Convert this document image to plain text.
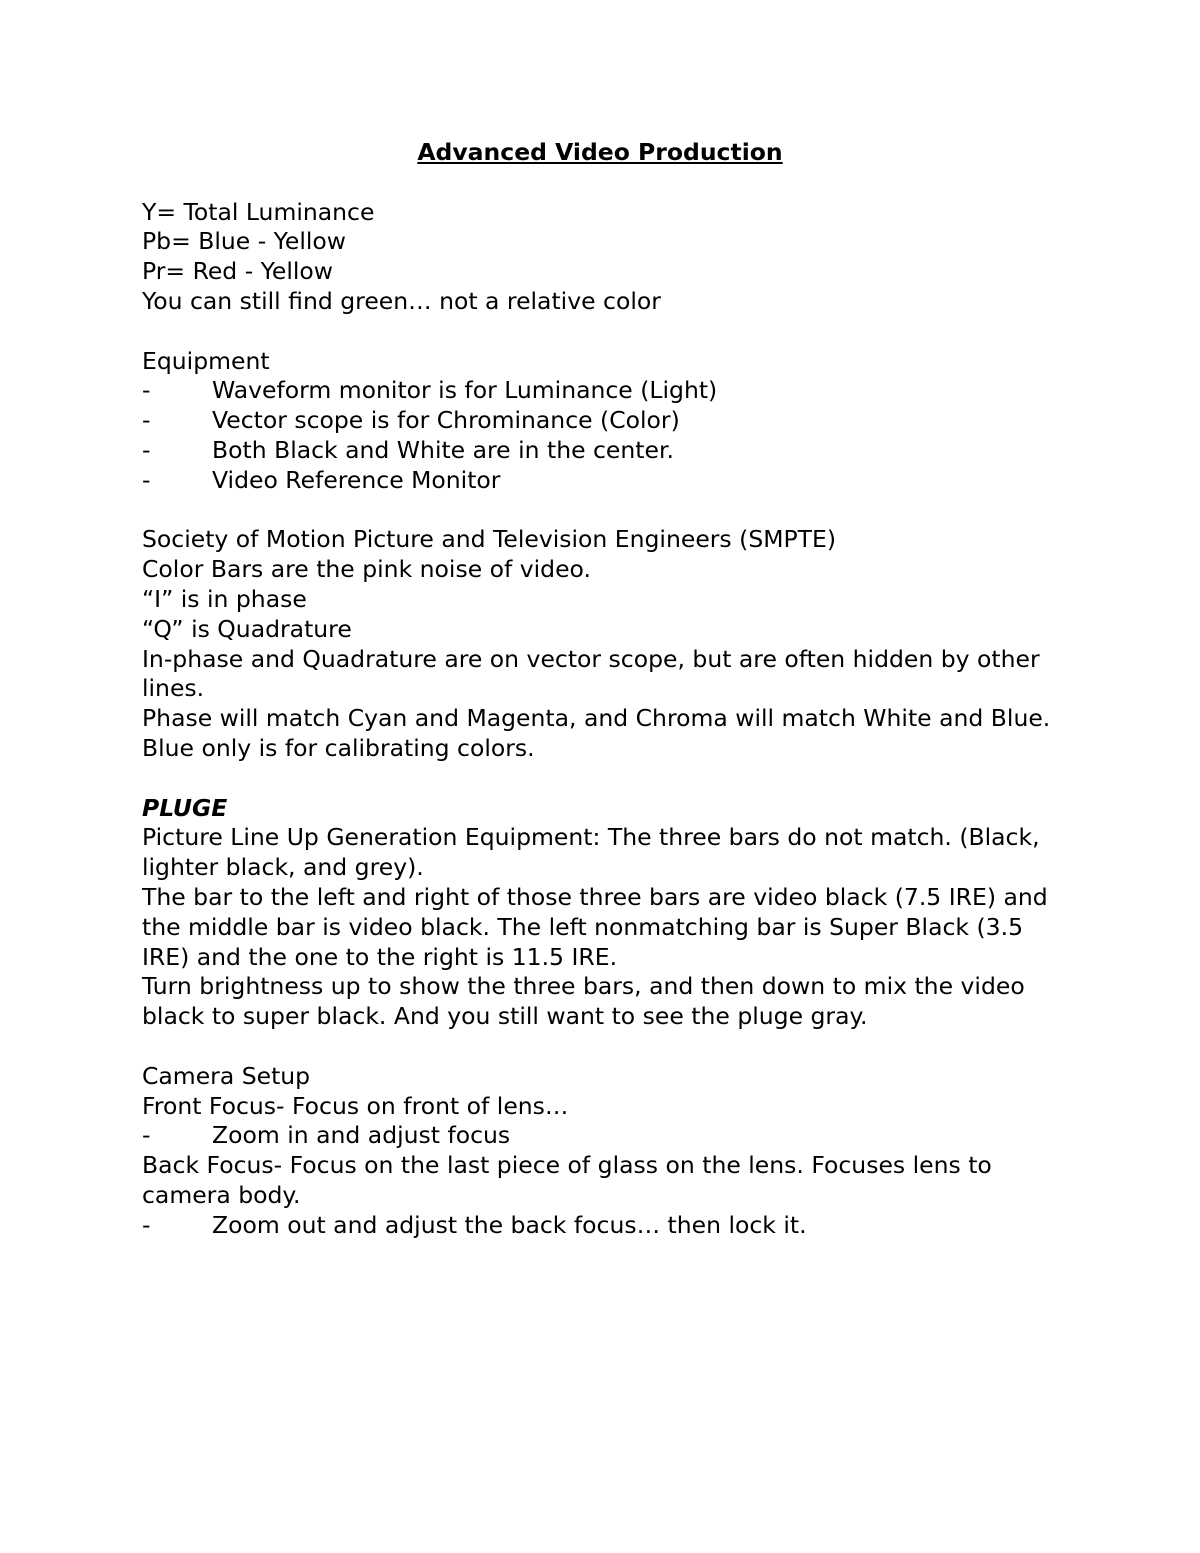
Advanced Video Production

Y= Total Luminance

Pb= Blue - Yellow

Pr= Red - Yellow

You can still find green… not a relative color

Equipment

-	Waveform monitor is for Luminance (Light)
-	Vector scope is for Chrominance (Color)
-	Both Black and White are in the center.
-	Video Reference Monitor

Society of Motion Picture and Television Engineers (SMPTE)

Color Bars are the pink noise of video.

“I” is in phase

“Q” is Quadrature

In-phase and Quadrature are on vector scope, but are often hidden by other lines.

Phase will match Cyan and Magenta, and Chroma will match White and Blue.

Blue only is for calibrating colors.

PLUGE

Picture Line Up Generation Equipment: The three bars do not match. (Black, lighter black, and grey).

The bar to the left and right of those three bars are video black (7.5 IRE) and the middle bar is video black. The left nonmatching bar is Super Black (3.5 IRE) and the one to the right is 11.5 IRE.

Turn brightness up to show the three bars, and then down to mix the video black to super black. And you still want to see the pluge gray.

Camera Setup

Front Focus- Focus on front of lens…

-	Zoom in and adjust focus

Back Focus- Focus on the last piece of glass on the lens. Focuses lens to camera body.

-	Zoom out and adjust the back focus… then lock it.
